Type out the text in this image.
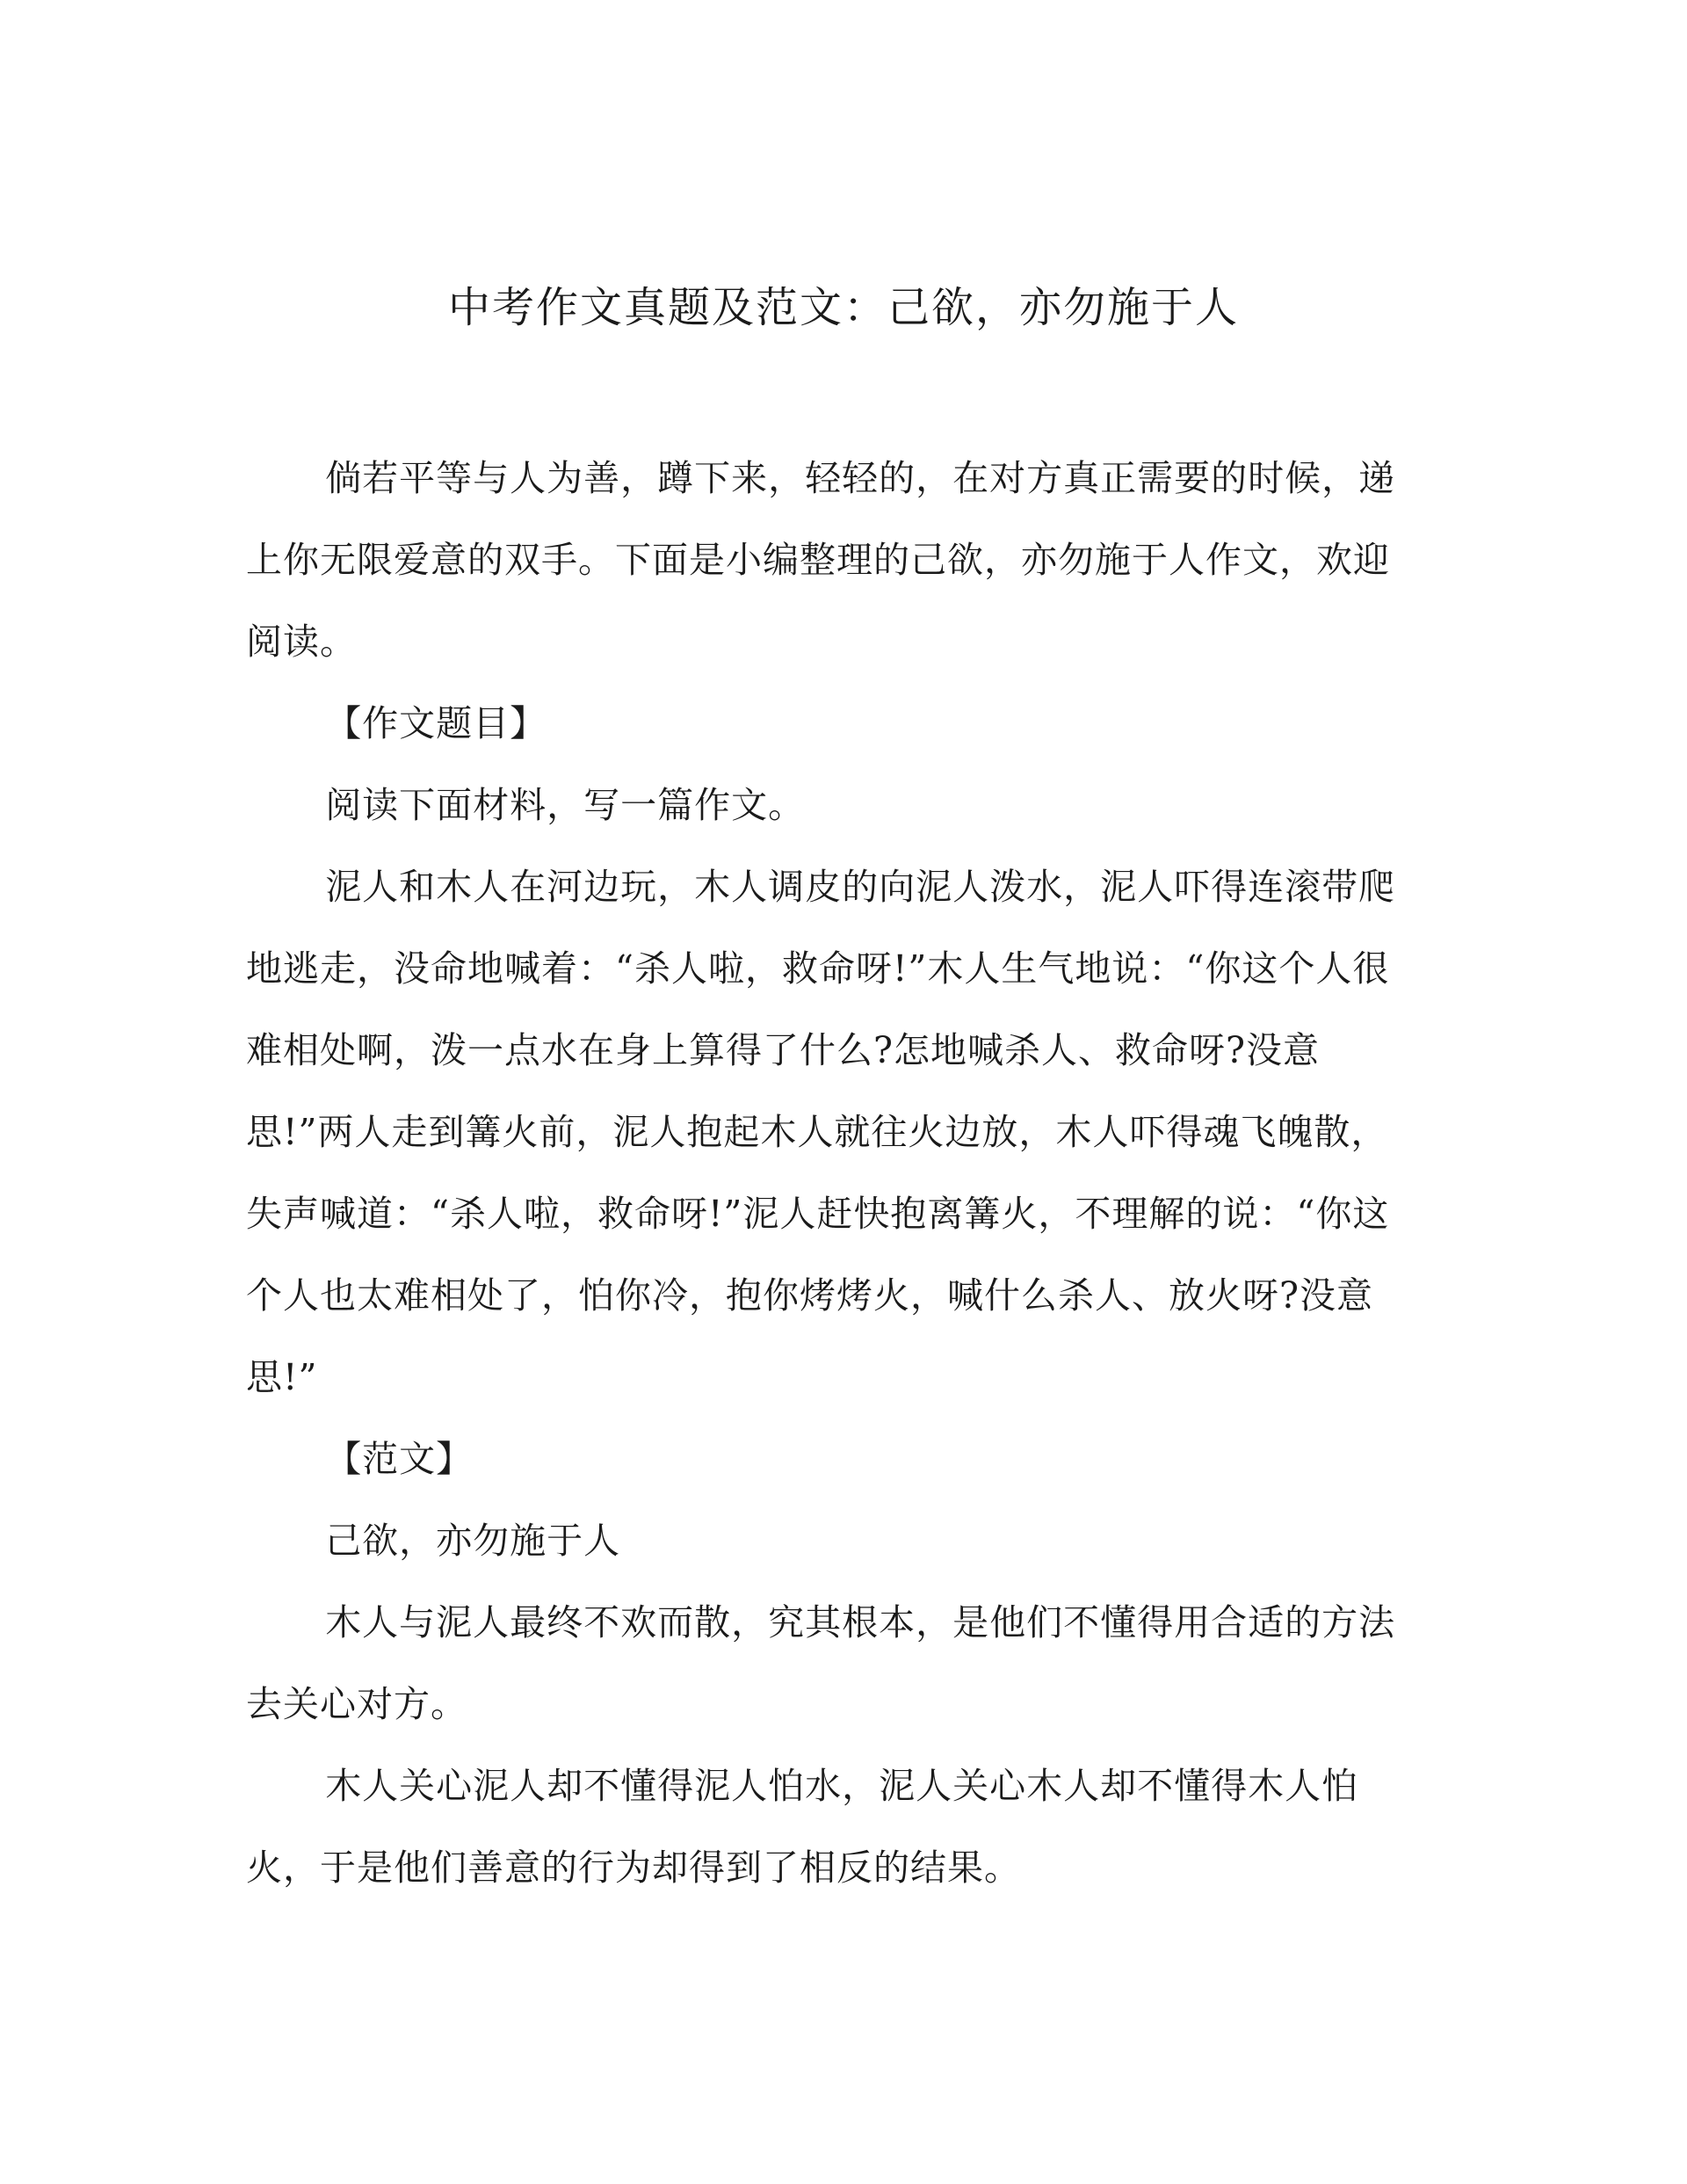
中考作文真题及范文：己欲，亦勿施于人

倘若平等与人为善，蹲下来，轻轻的，在对方真正需要的时候，递上你无限爱意的双手。下面是小编整理的己欲，亦勿施于人作文，欢迎阅读。

【作文题目】

阅读下面材料，写一篇作文。

泥人和木人在河边玩，木人调皮的向泥人泼水，泥人吓得连滚带爬地逃走，没命地喊着：“杀人啦，救命呀!”木人生气地说：“你这个人很难相处啊，泼一点水在身上算得了什么?怎地喊杀人、救命呀?没意思!”两人走到篝火前，泥人抱起木人就往火边放，木人吓得魂飞魄散，失声喊道：“杀人啦，救命呀!”泥人赶快抱离篝火，不理解的说：“你这个人也太难相处了，怕你冷，抱你烤烤火，喊什么杀人、放火呀?没意思!”

【范文】

己欲，亦勿施于人

木人与泥人最终不欢而散，究其根本，是他们不懂得用合适的方法去关心对方。

木人关心泥人却不懂得泥人怕水，泥人关心木人却不懂得木人怕火，于是他们善意的行为却得到了相反的结果。
